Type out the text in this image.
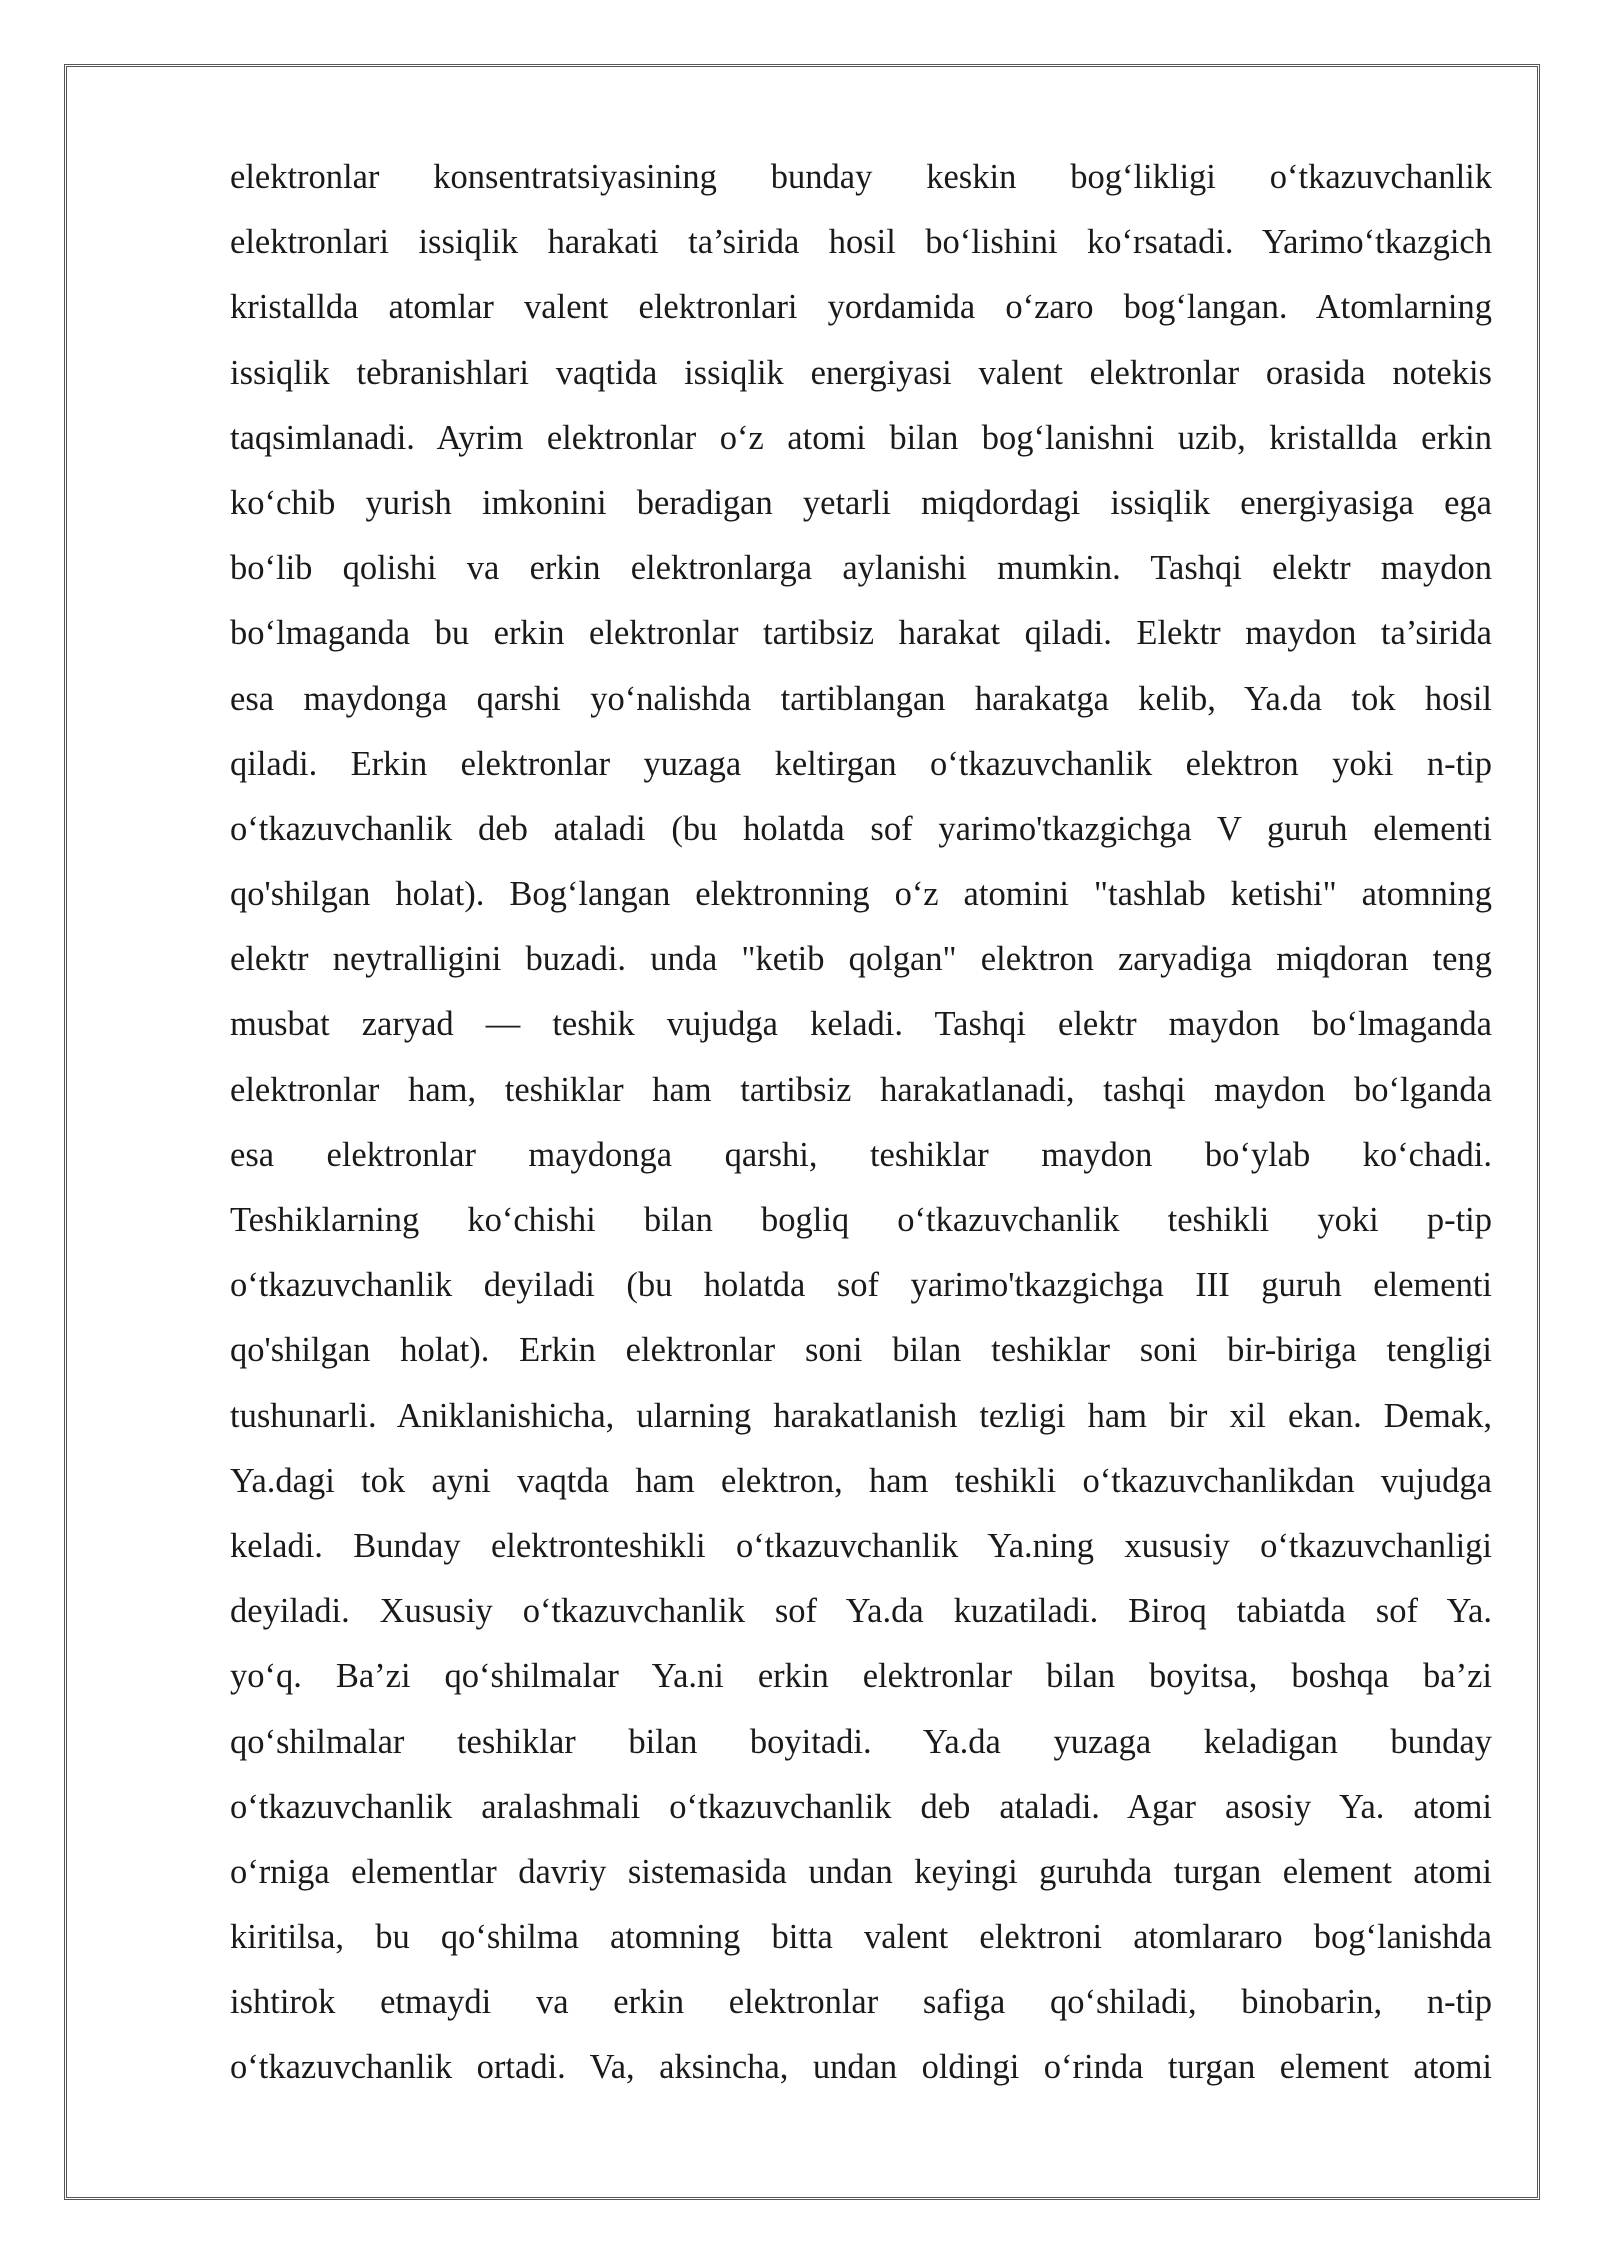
elektronlar konsentratsiyasining bunday keskin bog‘likligi o‘tkazuvchanlik
elektronlari issiqlik harakati ta’sirida hosil bo‘lishini ko‘rsatadi. Yarimo‘tkazgich
kristallda atomlar valent elektronlari yordamida o‘zaro bog‘langan. Atomlarning
issiqlik tebranishlari vaqtida issiqlik energiyasi valent elektronlar orasida notekis
taqsimlanadi. Ayrim elektronlar o‘z atomi bilan bog‘lanishni uzib, kristallda erkin
ko‘chib yurish imkonini beradigan yetarli miqdordagi issiqlik energiyasiga ega
bo‘lib qolishi va erkin elektronlarga aylanishi mumkin. Tashqi elektr maydon
bo‘lmaganda bu erkin elektronlar tartibsiz harakat qiladi. Elektr maydon ta’sirida
esa maydonga qarshi yo‘nalishda tartiblangan harakatga kelib, Ya.da tok hosil
qiladi. Erkin elektronlar yuzaga keltirgan o‘tkazuvchanlik elektron yoki n-tip
o‘tkazuvchanlik deb ataladi (bu holatda sof yarimo'tkazgichga V guruh elementi
qo'shilgan holat). Bog‘langan elektronning o‘z atomini "tashlab ketishi" atomning
elektr neytralligini buzadi. unda "ketib qolgan" elektron zaryadiga miqdoran teng
musbat zaryad — teshik vujudga keladi. Tashqi elektr maydon bo‘lmaganda
elektronlar ham, teshiklar ham tartibsiz harakatlanadi, tashqi maydon bo‘lganda
esa elektronlar maydonga qarshi, teshiklar maydon bo‘ylab ko‘chadi.
Teshiklarning ko‘chishi bilan bogliq o‘tkazuvchanlik teshikli yoki p-tip
o‘tkazuvchanlik deyiladi (bu holatda sof yarimo'tkazgichga III guruh elementi
qo'shilgan holat). Erkin elektronlar soni bilan teshiklar soni bir-biriga tengligi
tushunarli. Aniklanishicha, ularning harakatlanish tezligi ham bir xil ekan. Demak,
Ya.dagi tok ayni vaqtda ham elektron, ham teshikli o‘tkazuvchanlikdan vujudga
keladi. Bunday elektronteshikli o‘tkazuvchanlik Ya.ning xususiy o‘tkazuvchanligi
deyiladi. Xususiy o‘tkazuvchanlik sof Ya.da kuzatiladi. Biroq tabiatda sof Ya.
yo‘q. Ba’zi qo‘shilmalar Ya.ni erkin elektronlar bilan boyitsa, boshqa ba’zi
qo‘shilmalar teshiklar bilan boyitadi. Ya.da yuzaga keladigan bunday
o‘tkazuvchanlik aralashmali o‘tkazuvchanlik deb ataladi. Agar asosiy Ya. atomi
o‘rniga elementlar davriy sistemasida undan keyingi guruhda turgan element atomi
kiritilsa, bu qo‘shilma atomning bitta valent elektroni atomlararo bog‘lanishda
ishtirok etmaydi va erkin elektronlar safiga qo‘shiladi, binobarin, n-tip
o‘tkazuvchanlik ortadi. Va, aksincha, undan oldingi o‘rinda turgan element atomi
